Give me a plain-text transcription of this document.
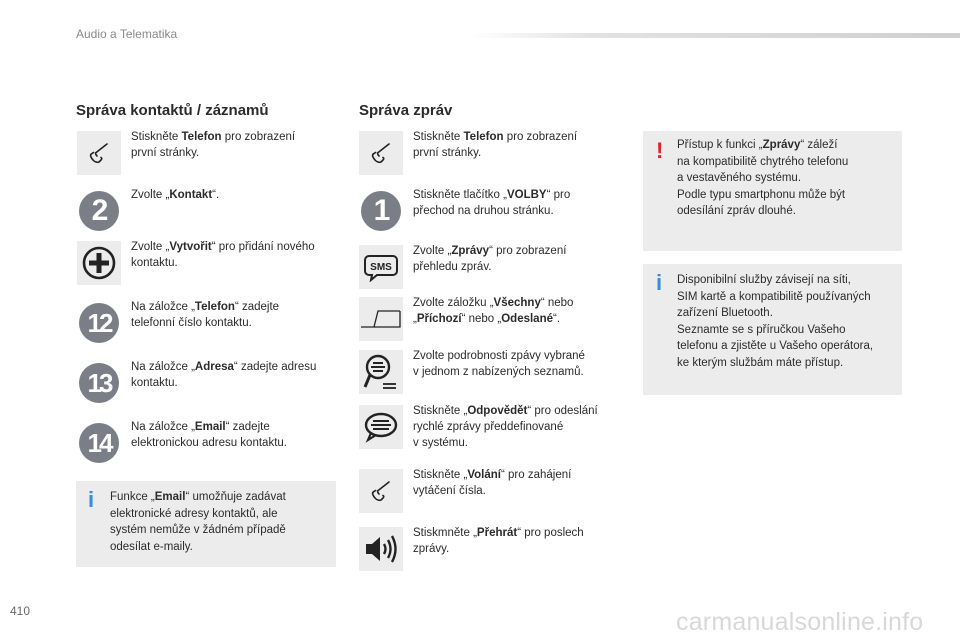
Audio a Telematika
Správa kontaktů / záznamů	Správa zpráv
Stiskněte Telefon pro zobrazení
první stránky.
2	Zvolte „Kontakt“.
Zvolte „Vytvořit“ pro přidání nového
kontaktu.
12
Na záložce „Telefon“ zadejte
telefonní číslo kontaktu.
13
Na záložce „Adresa“ zadejte adresu
kontaktu.
14
Na záložce „Email“ zadejte
elektronickou adresu kontaktu.
Stiskněte Telefon pro zobrazení
první stránky.
1	Stiskněte tlačítko „VOLBY“ pro
přechod na druhou stránku.
SMS
Zvolte „Zprávy“ pro zobrazení
přehledu zpráv.
Zvolte záložku „Všechny“ nebo
„Příchozí“ nebo „Odeslané“.
Zvolte podrobnosti zpávy vybrané
v jednom z nabízených seznamů.
Stiskněte „Odpovědět“ pro odeslání
rychlé zprávy předdefinované
v systému.
Stiskněte „Volání“ pro zahájení
vytáčení čísla.
Stiskmněte „Přehrát“ pro poslech
zprávy.
i Funkce „Email“ umožňuje zadávat
elektronické adresy kontaktů, ale
systém nemůže v žádném případě
odesílat e-maily.
! Přístup k funkci „Zprávy“ záleží
na kompatibilitě chytrého telefonu
a vestavěného systému.
Podle typu smartphonu může být
odesílání zpráv dlouhé.
i Disponibilní služby závisejí na síti,
SIM kartě a kompatibilitě používaných
zařízení Bluetooth.
Seznamte se s příručkou Vašeho
telefonu a zjistěte u Vašeho operátora,
ke kterým službám máte přístup.
410	carmanualsonline.info
